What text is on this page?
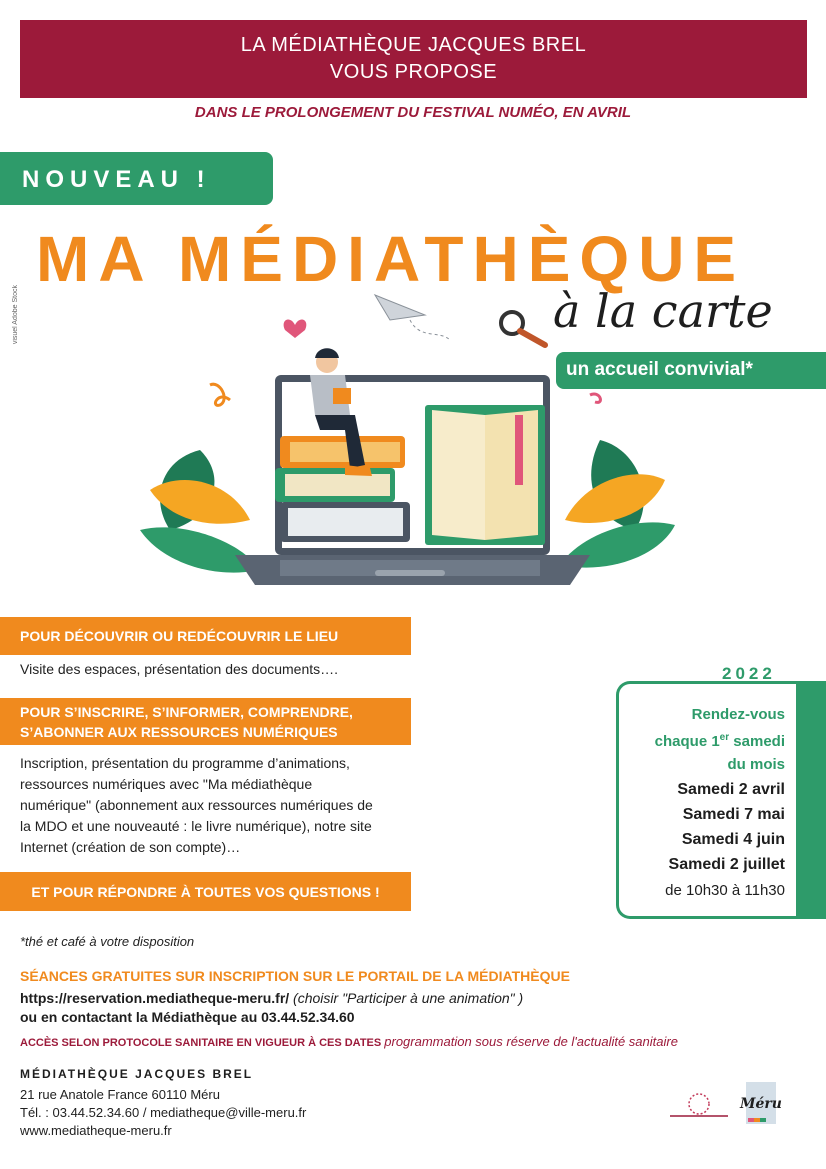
LA MÉDIATHÈQUE JACQUES BREL
VOUS PROPOSE
DANS LE PROLONGEMENT DU FESTIVAL NUMÉO, EN AVRIL
NOUVEAU !
MA MÉDIATHÈQUE
visuel Adobe Stock	à la carte
un accueil convivial*
POUR DÉCOUVRIR OU REDÉCOUVRIR LE LIEU
Visite des espaces, présentation des documents….
POUR S’INSCRIRE, S’INFORMER, COMPRENDRE,
S’ABONNER AUX RESSOURCES NUMÉRIQUES
Inscription, présentation du programme d’animations,
ressources numériques avec "Ma médiathèque
numérique" (abonnement aux ressources numériques de
la MDO et une nouveauté : le livre numérique), notre site
Internet (création de son compte)…
ET POUR RÉPONDRE À TOUTES VOS QUESTIONS !
2022
Rendez-vous
chaque 1er samedi
du mois
Samedi 2 avril
Samedi 7 mai
Samedi 4 juin
Samedi 2 juillet
de 10h30 à 11h30
*thé et café à votre disposition
SÉANCES GRATUITES SUR INSCRIPTION SUR LE PORTAIL DE LA MÉDIATHÈQUE
https://reservation.mediatheque-meru.fr/ (choisir "Participer à une animation" )
ou en contactant la Médiathèque au 03.44.52.34.60
ACCÈS SELON PROTOCOLE SANITAIRE EN VIGUEUR À CES DATES programmation sous réserve de l'actualité sanitaire
MÉDIATHÈQUE JACQUES BREL
21 rue Anatole France 60110 Méru
Tél. : 03.44.52.34.60 / mediatheque@ville-meru.fr
www.mediatheque-meru.fr
Méru
